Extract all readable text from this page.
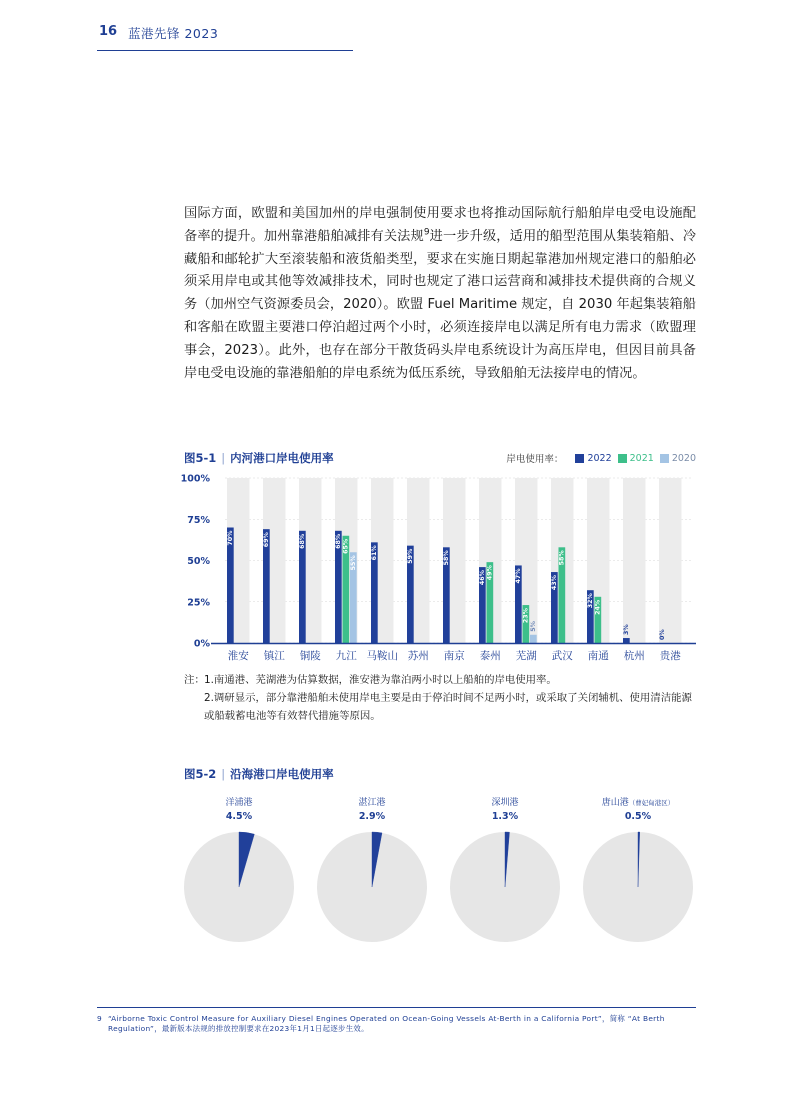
16 蓝港先锋 2023
国际方面，欧盟和美国加州的岸电强制使用要求也将推动国际航行船舶岸电受电设施配备率的提升。加州靠港船舶减排有关法规$^9$进一步升级，适用的船型范围从集装箱船、冷藏船和邮轮扩大至滚装船和液货船类型，要求在实施日期起靠港加州规定港口的船舶必须采用岸电或其他等效减排技术，同时也规定了港口运营商和减排技术提供商的合规义务（加州空气资源委员会，2020）。欧盟 Fuel Maritime 规定，自 2030 年起集装箱船和客船在欧盟主要港口停泊超过两个小时，必须连接岸电以满足所有电力需求（欧盟理事会，2023）。此外，也存在部分干散货码头岸电系统设计为高压岸电，但因目前具备岸电受电设施的靠港船舶的岸电系统为低压系统，导致船舶无法接岸电的情况。
图5-1 | 内河港口岸电使用率	岸电使用率：	2022 2021 2020
0%
25%
50%
75%
100%
70%
淮安
69%
镇江
68%
铜陵
68% 65%
55%
九江
61%
马鞍山
59%
苏州
58%
南京
46% 49%
泰州
47%
23%
5%
芜湖
43%
58%
武汉
32% 24%
南通
3%
杭州
0%
贵港
注： 1.南通港、芜湖港为估算数据，淮安港为靠泊两小时以上船舶的岸电使用率。
2.调研显示，部分靠港船舶未使用岸电主要是由于停泊时间不足两小时，或采取了关闭辅机、使用清洁能源或船载蓄电池等有效替代措施等原因。
图5-2 | 沿海港口岸电使用率
洋浦港
4.5%
湛江港
2.9%
深圳港
1.3%
唐山港（曹妃甸港区）
0.5%
9 “Airborne Toxic Control Measure for Auxiliary Diesel Engines Operated on Ocean-Going Vessels At-Berth in a California Port”，简称 “At Berth Regulation”，最新版本法规的排放控制要求在2023年1月1日起逐步生效。
